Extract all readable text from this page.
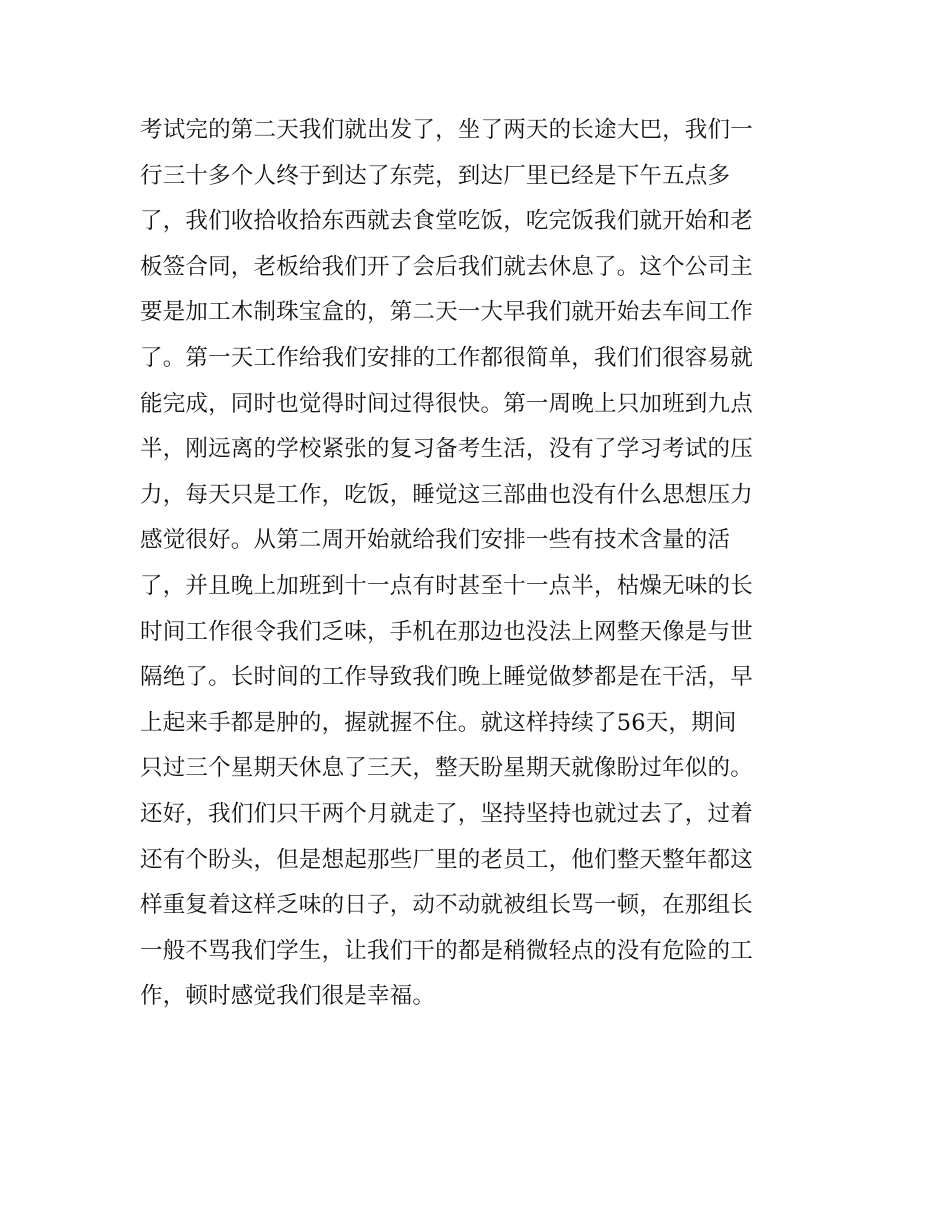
考试完的第二天我们就出发了，坐了两天的长途大巴，我们一
行三十多个人终于到达了东莞，到达厂里已经是下午五点多
了，我们收拾收拾东西就去食堂吃饭，吃完饭我们就开始和老
板签合同，老板给我们开了会后我们就去休息了。这个公司主
要是加工木制珠宝盒的，第二天一大早我们就开始去车间工作
了。第一天工作给我们安排的工作都很简单，我们们很容易就
能完成，同时也觉得时间过得很快。第一周晚上只加班到九点
半，刚远离的学校紧张的复习备考生活，没有了学习考试的压
力，每天只是工作，吃饭，睡觉这三部曲也没有什么思想压力
感觉很好。从第二周开始就给我们安排一些有技术含量的活
了，并且晚上加班到十一点有时甚至十一点半，枯燥无味的长
时间工作很令我们乏味，手机在那边也没法上网整天像是与世
隔绝了。长时间的工作导致我们晚上睡觉做梦都是在干活，早
上起来手都是肿的，握就握不住。就这样持续了56天，期间
只过三个星期天休息了三天，整天盼星期天就像盼过年似的。
还好，我们们只干两个月就走了，坚持坚持也就过去了，过着
还有个盼头，但是想起那些厂里的老员工，他们整天整年都这
样重复着这样乏味的日子，动不动就被组长骂一顿，在那组长
一般不骂我们学生，让我们干的都是稍微轻点的没有危险的工
作，顿时感觉我们很是幸福。
